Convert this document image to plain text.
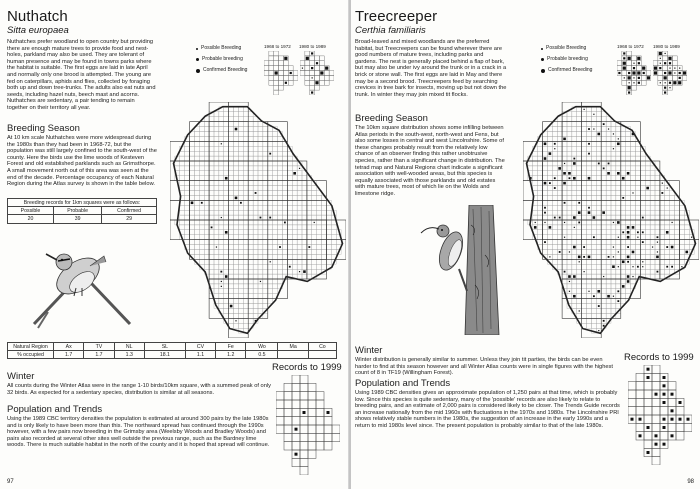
Nuthatch
Sitta europaea
Nuthatches prefer woodland to open country but providing there are enough mature trees to provide food and nest-holes, parkland may also be used. They are tolerant of human presence and may be found in towns parks where the habitat is suitable. The first eggs are laid in late April and normally only one brood is attempted. The young are fed on caterpillars, aphids and flies, collected by foraging both up and down tree-trunks. The adults also eat nuts and seeds, including hazel nuts, beech mast and acorns. Nuthatches are sedentary, a pair tending to remain together on their territory all year.
Breeding Season
At 10 km scale Nuthatches were more widespread during the 1980s than they had been in 1968-72, but the population was still largely confined to the south-west of the county. Here the birds use the lime woods of Kesteven Forest and old established parklands such as Grimsthorpe. A small movement north out of this area was seen at the end of the decade. Percentage occupancy of each Natural Region during the Atlas survey is shown in the table below.
Breeding records for 1km squares were as follows:		
Possible	Probable	Confirmed
20	39	29
Possible Breeding
Probable breeding
Confirmed Breeding
1968 to 1972 1980 to 1989
Natural Region	Ax	TV	NL	SL	CV	Fe	Wo	Ma	Co
% occupied	1.7	1.7	1.3	18.1	1.1	1.2	0.5		
Winter
All counts during the Winter Atlas were in the range 1-10 birds/10km square, with a summed peak of only 32 birds. As expected for a sedentary species, distribution is similar at all seasons.
Population and Trends
Using the 1989 CBC territory densities the population is estimated at around 300 pairs by the late 1980s and is only likely to have been more than this. The northward spread has continued through the 1990s however, with a few pairs now breeding in the Grimsby area (Weelsby Woods and Bradley Woods) and pairs also recorded at several other sites well outside the previous range, such as the Bardney lime woods. There is much suitable habitat in the north of the county and it is hoped that spread will continue.
Records to 1999
97
Treecreeper
Certhia familiaris
Broad-leaved and mixed woodlands are the preferred habitat, but Treecreepers can be found wherever there are good numbers of mature trees, including parks and gardens. The nest is generally placed behind a flap of bark, but may also be under ivy around the trunk or in a crack in a brick or stone wall. The first eggs are laid in May and there may be a second brood. Treecreepers feed by searching crevices in tree bark for insects, moving up but not down the trunk. In winter they may join mixed tit flocks.
Breeding Season
The 10km square distribution shows some infilling between Atlas periods in the south-west, north-west and Fens, but also some losses in central and west Lincolnshire. Some of these changes probably result from the relatively low chance of an observer finding this rather unobtrusive species, rather than a significant change in distribution. The tetrad map and Natural Regions chart indicate a significant association with well-wooded areas, but this species is equally associated with those parklands and old estates with mature trees, most of which lie on the Wolds and limestone ridge.
Possible Breeding
Probable breeding
Confirmed Breeding
1968 to 1972 1980 to 1989
Winter
Winter distribution is generally similar to summer. Unless they join tit parties, the birds can be even harder to find at this season however and all Winter Atlas counts were in single figures with the highest count of 8 in TF19 (Willingham Forest).
Population and Trends
Using 1989 CBC densities gives an approximate population of 1,250 pairs at that time, which is probably low. Since this species is quite sedentary, many of the 'possible' records are also likely to relate to breeding pairs, and an estimate of 2,000 pairs is considered likely to be closer. The Trends Guide records an increase nationally from the mid 1960s with fluctuations in the 1970s and 1980s. The Lincolnshire PRI shows relatively stable numbers in the 1980s, the suggestion of an increase in the early 1990s and a return to mid 1980s level since. The present population is probably similar to that of the late 1980s.
Records to 1999
98
